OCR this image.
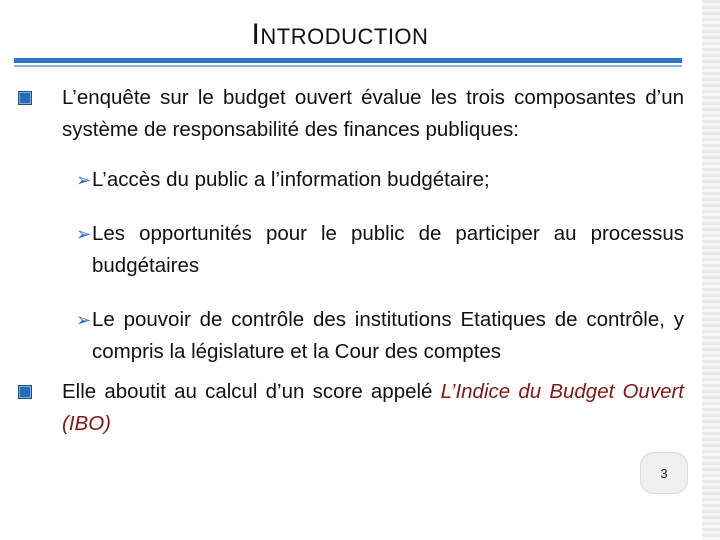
INTRODUCTION
L’enquête sur le budget ouvert évalue les trois composantes d’un système de responsabilité des finances publiques:
➢ L’accès du public a l’information budgétaire;
➢ Les opportunités pour le public de participer au processus budgétaires
➢ Le pouvoir de contrôle des institutions Etatiques de contrôle, y compris la législature et la Cour des comptes
Elle aboutit au calcul d’un score appelé L’Indice du Budget Ouvert (IBO)
3
